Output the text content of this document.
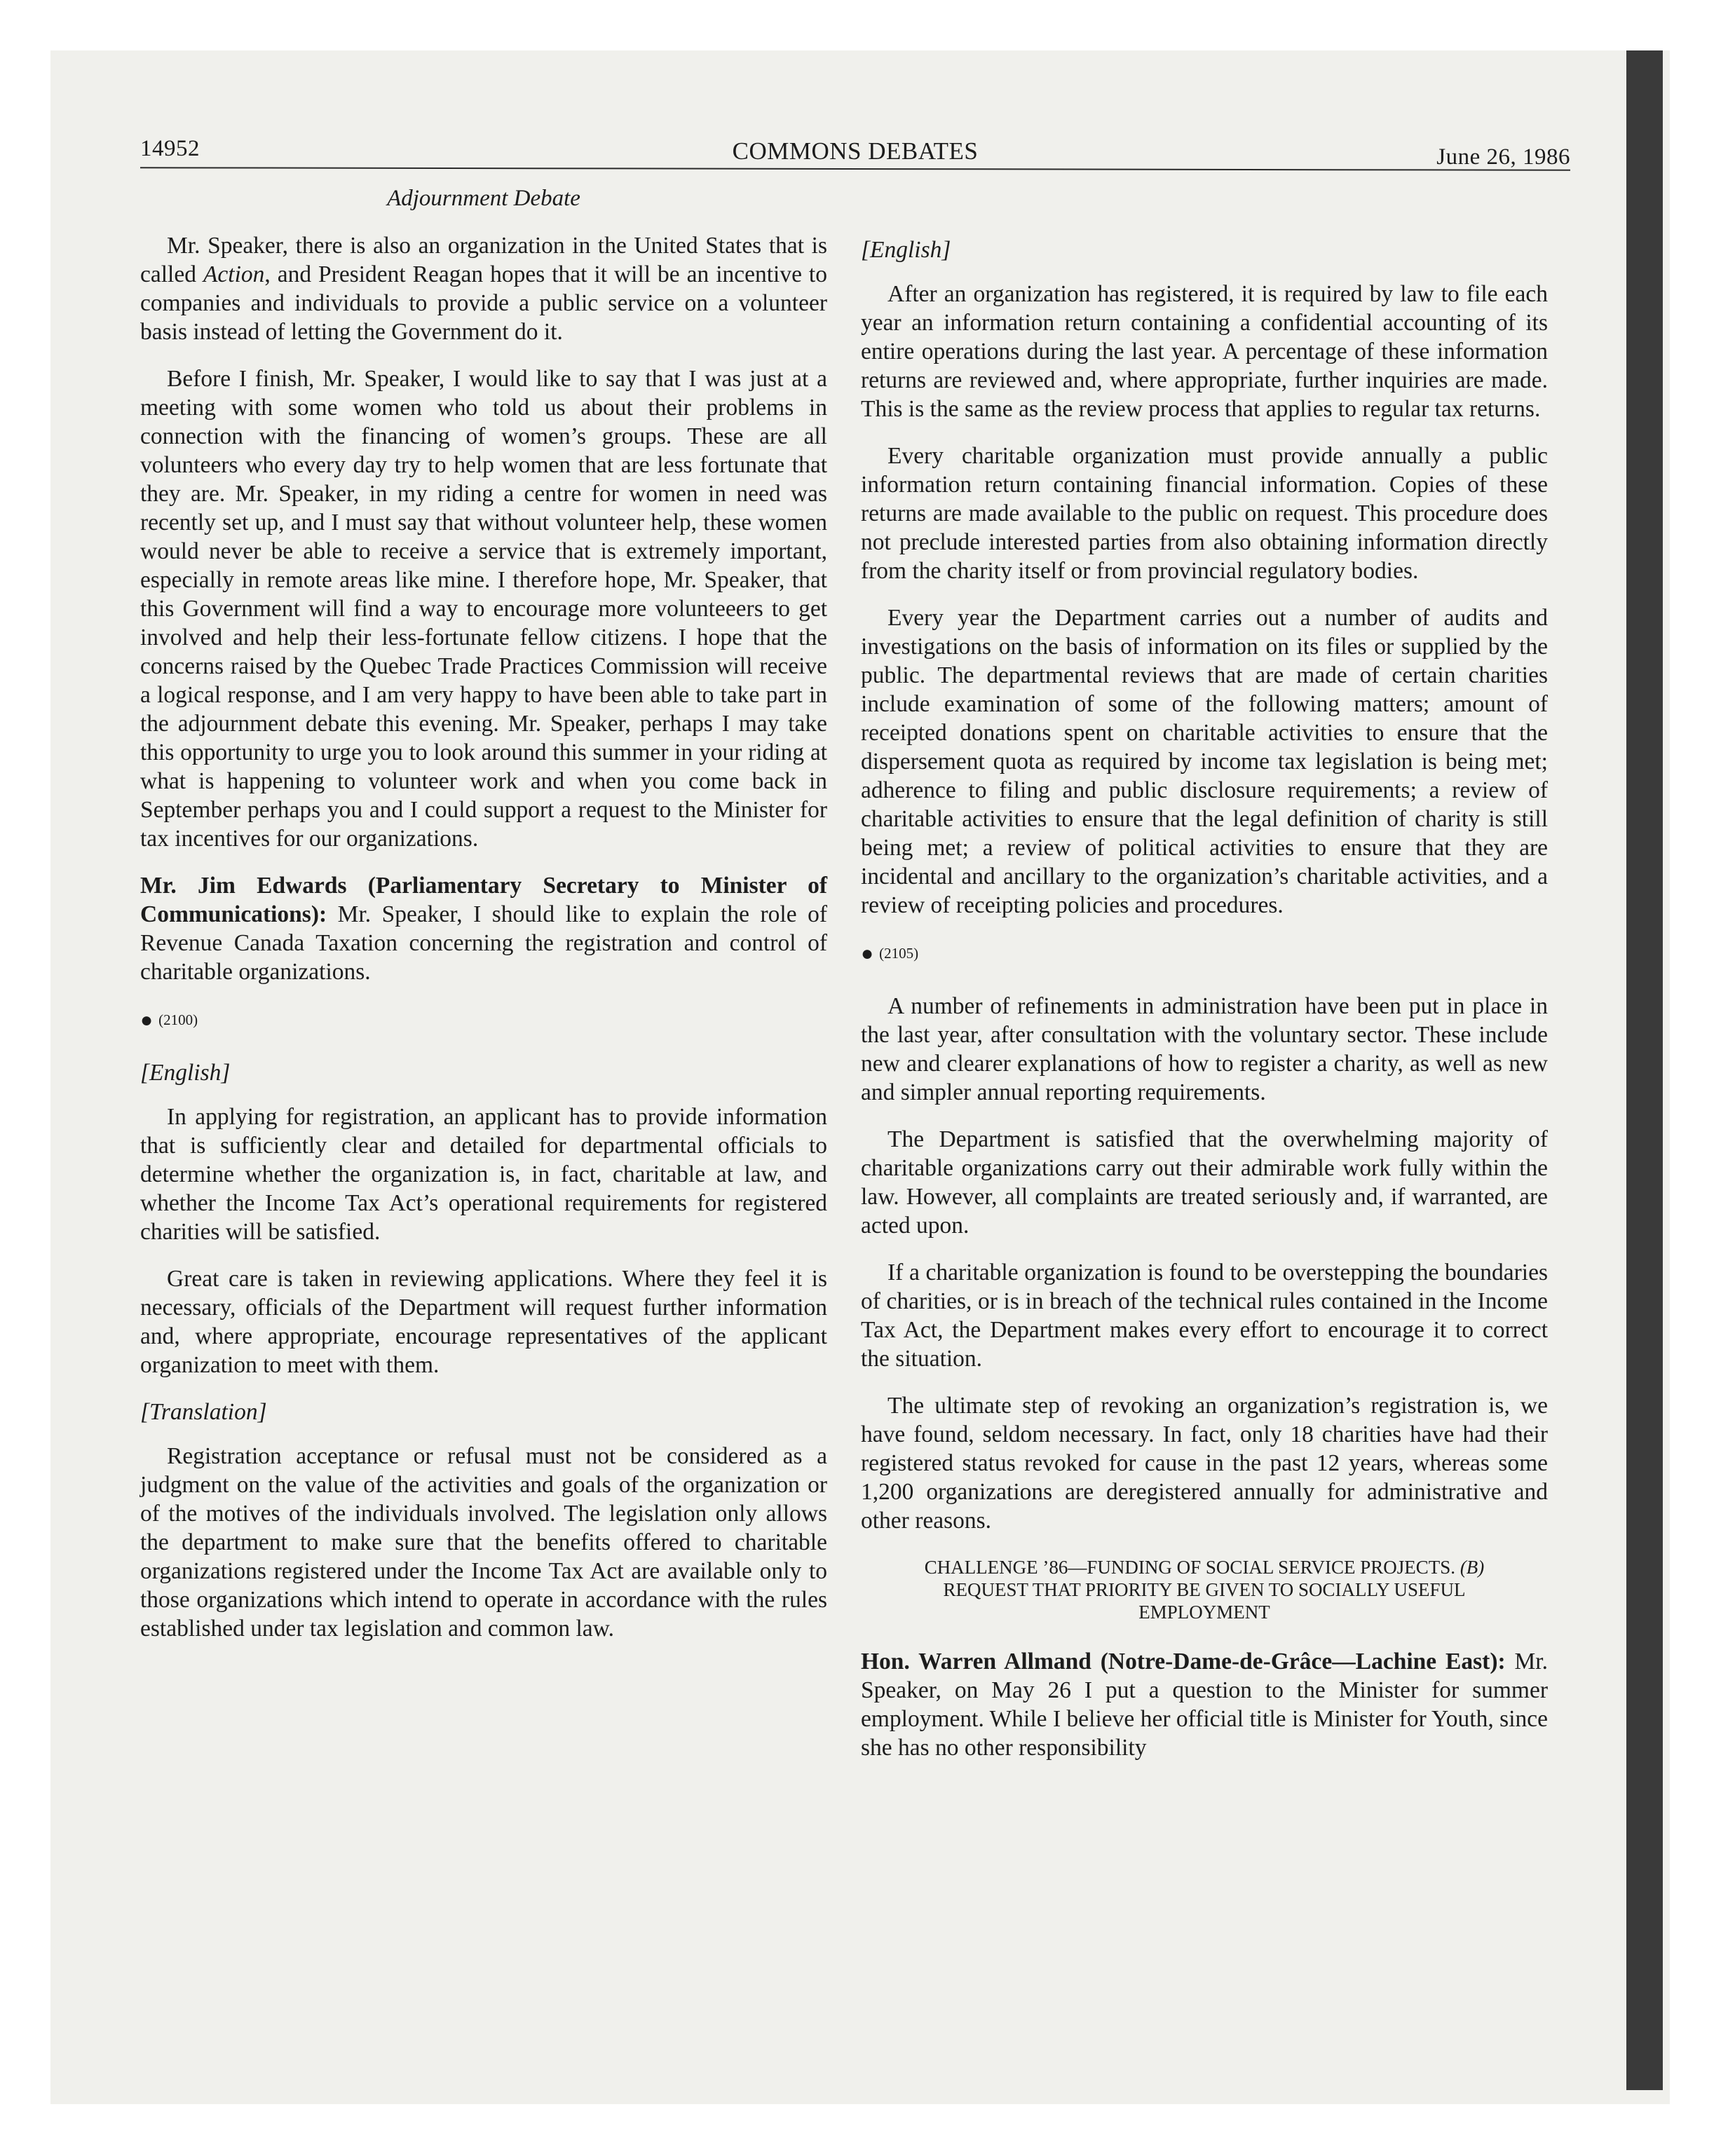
14952	COMMONS DEBATES	June 26, 1986
Adjournment Debate

Mr. Speaker, there is also an organization in the United States that is called Action, and President Reagan hopes that it will be an incentive to companies and individuals to provide a public service on a volunteer basis instead of letting the Government do it.

Before I finish, Mr. Speaker, I would like to say that I was just at a meeting with some women who told us about their problems in connection with the financing of women’s groups. These are all volunteers who every day try to help women that are less fortunate that they are. Mr. Speaker, in my riding a centre for women in need was recently set up, and I must say that without volunteer help, these women would never be able to receive a service that is extremely important, especially in remote areas like mine. I therefore hope, Mr. Speaker, that this Government will find a way to encourage more volunteeers to get involved and help their less-fortunate fellow citizens. I hope that the concerns raised by the Quebec Trade Practices Commission will receive a logical response, and I am very happy to have been able to take part in the adjournment debate this evening. Mr. Speaker, perhaps I may take this opportunity to urge you to look around this summer in your riding at what is happening to volunteer work and when you come back in September perhaps you and I could support a request to the Minister for tax incentives for our organizations.

Mr. Jim Edwards (Parliamentary Secretary to Minister of Communications): Mr. Speaker, I should like to explain the role of Revenue Canada Taxation concerning the registration and control of charitable organizations.

● (2100)

[English]

In applying for registration, an applicant has to provide information that is sufficiently clear and detailed for departmental officials to determine whether the organization is, in fact, charitable at law, and whether the Income Tax Act’s operational requirements for registered charities will be satisfied.

Great care is taken in reviewing applications. Where they feel it is necessary, officials of the Department will request further information and, where appropriate, encourage representatives of the applicant organization to meet with them.

[Translation]

Registration acceptance or refusal must not be considered as a judgment on the value of the activities and goals of the organization or of the motives of the individuals involved. The legislation only allows the department to make sure that the benefits offered to charitable organizations registered under the Income Tax Act are available only to those organizations which intend to operate in accordance with the rules established under tax legislation and common law.

[English]

After an organization has registered, it is required by law to file each year an information return containing a confidential accounting of its entire operations during the last year. A percentage of these information returns are reviewed and, where appropriate, further inquiries are made. This is the same as the review process that applies to regular tax returns.

Every charitable organization must provide annually a public information return containing financial information. Copies of these returns are made available to the public on request. This procedure does not preclude interested parties from also obtaining information directly from the charity itself or from provincial regulatory bodies.

Every year the Department carries out a number of audits and investigations on the basis of information on its files or supplied by the public. The departmental reviews that are made of certain charities include examination of some of the following matters; amount of receipted donations spent on charitable activities to ensure that the dispersement quota as required by income tax legislation is being met; adherence to filing and public disclosure requirements; a review of charitable activities to ensure that the legal definition of charity is still being met; a review of political activities to ensure that they are incidental and ancillary to the organization’s charitable activities, and a review of receipting policies and procedures.

● (2105)

A number of refinements in administration have been put in place in the last year, after consultation with the voluntary sector. These include new and clearer explanations of how to register a charity, as well as new and simpler annual reporting requirements.

The Department is satisfied that the overwhelming majority of charitable organizations carry out their admirable work fully within the law. However, all complaints are treated seriously and, if warranted, are acted upon.

If a charitable organization is found to be overstepping the boundaries of charities, or is in breach of the technical rules contained in the Income Tax Act, the Department makes every effort to encourage it to correct the situation.

The ultimate step of revoking an organization’s registration is, we have found, seldom necessary. In fact, only 18 charities have had their registered status revoked for cause in the past 12 years, whereas some 1,200 organizations are deregistered annually for administrative and other reasons.

CHALLENGE ’86—FUNDING OF SOCIAL SERVICE PROJECTS. (B) REQUEST THAT PRIORITY BE GIVEN TO SOCIALLY USEFUL EMPLOYMENT

Hon. Warren Allmand (Notre-Dame-de-Grâce—Lachine East): Mr. Speaker, on May 26 I put a question to the Minister for summer employment. While I believe her official title is Minister for Youth, since she has no other responsibility
